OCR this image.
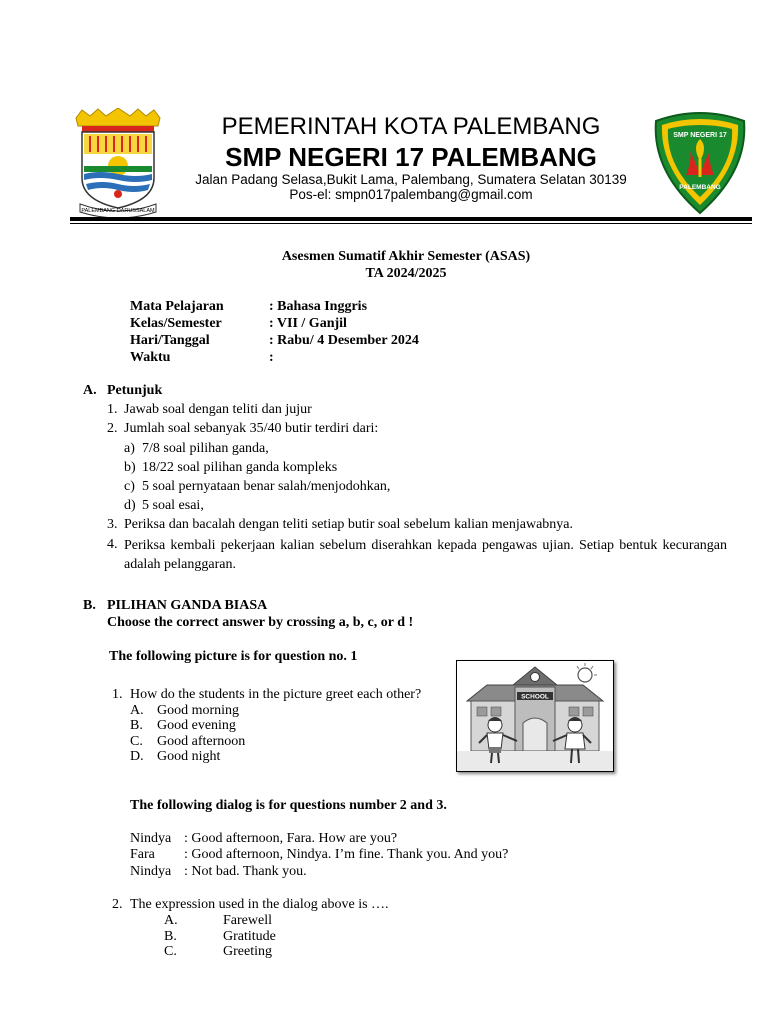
PALEMBANG DARUSSALAM
PEMERINTAH KOTA PALEMBANG
SMP NEGERI 17 PALEMBANG
Jalan Padang Selasa,Bukit Lama, Palembang, Sumatera Selatan 30139
Pos-el: smpn017palembang@gmail.com
SMP NEGERI 17
PALEMBANG
Asesmen Sumatif Akhir Semester (ASAS)
TA 2024/2025
Mata Pelajaran	: Bahasa Inggris
Kelas/Semester	: VII / Ganjil
Hari/Tanggal	: Rabu/ 4 Desember 2024
Waktu	:
A. Petunjuk
1. Jawab soal dengan teliti dan jujur
2. Jumlah soal sebanyak 35/40 butir terdiri dari:
a) 7/8 soal pilihan ganda,
b) 18/22 soal pilihan ganda kompleks
c) 5 soal pernyataan benar salah/menjodohkan,
d) 5 soal esai,
3. Periksa dan bacalah dengan teliti setiap butir soal sebelum kalian menjawabnya.
4. Periksa kembali pekerjaan kalian sebelum diserahkan kepada pengawas ujian. Setiap bentuk kecurangan adalah pelanggaran.
B. PILIHAN GANDA BIASA
Choose the correct answer by crossing a, b, c, or d !
The following picture is for question no. 1
SCHOOL
1. How do the students in the picture greet each other?
A. Good morning
B. Good evening
C. Good afternoon
D. Good night
The following dialog is for questions number 2 and 3.
Nindya : Good afternoon, Fara. How are you?
Fara : Good afternoon, Nindya. I’m fine. Thank you. And you?
Nindya : Not bad. Thank you.
2. The expression used in the dialog above is ….
A.	Farewell
B.	Gratitude
C.	Greeting
